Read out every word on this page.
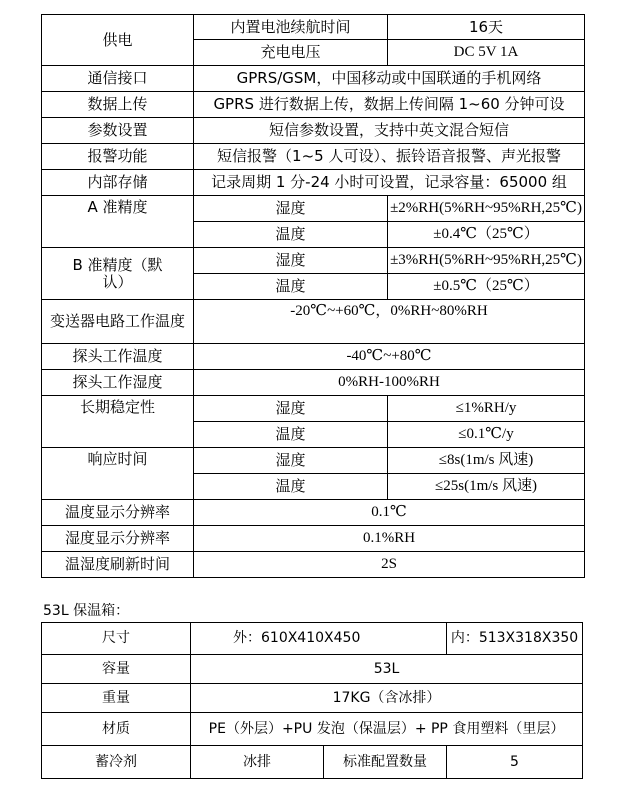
供电	内置电池续航时间	16天
	充电电压	DC 5V 1A
通信接口	GPRS/GSM，中国移动或中国联通的手机网络	
数据上传	GPRS 进行数据上传，数据上传间隔 1~60 分钟可设	
参数设置	短信参数设置，支持中英文混合短信	
报警功能	短信报警（1~5 人可设）、振铃语音报警、声光报警	
内部存储	记录周期 1 分-24 小时可设置，记录容量：65000 组	
A 准精度	湿度	±2%RH(5%RH~95%RH,25℃)
	温度	±0.4℃（25℃）
B 准精度（默认）	湿度	±3%RH(5%RH~95%RH,25℃)
	温度	±0.5℃（25℃）
变送器电路工作温度	-20℃~+60℃，0%RH~80%RH	
探头工作温度	-40℃~+80℃	
探头工作湿度	0%RH-100%RH	
长期稳定性	湿度	≤1%RH/y
	温度	≤0.1℃/y
响应时间	湿度	≤8s(1m/s 风速)
	温度	≤25s(1m/s 风速)
温度显示分辨率	0.1℃	
湿度显示分辨率	0.1%RH	
温湿度刷新时间	2S	
53L 保温箱：
尺寸	外：610X410X450		内：513X318X350
容量	53L		
重量	17KG（含冰排）		
材质	PE（外层）+PU 发泡（保温层）+ PP 食用塑料（里层）		
蓄冷剂	冰排	标准配置数量	5
